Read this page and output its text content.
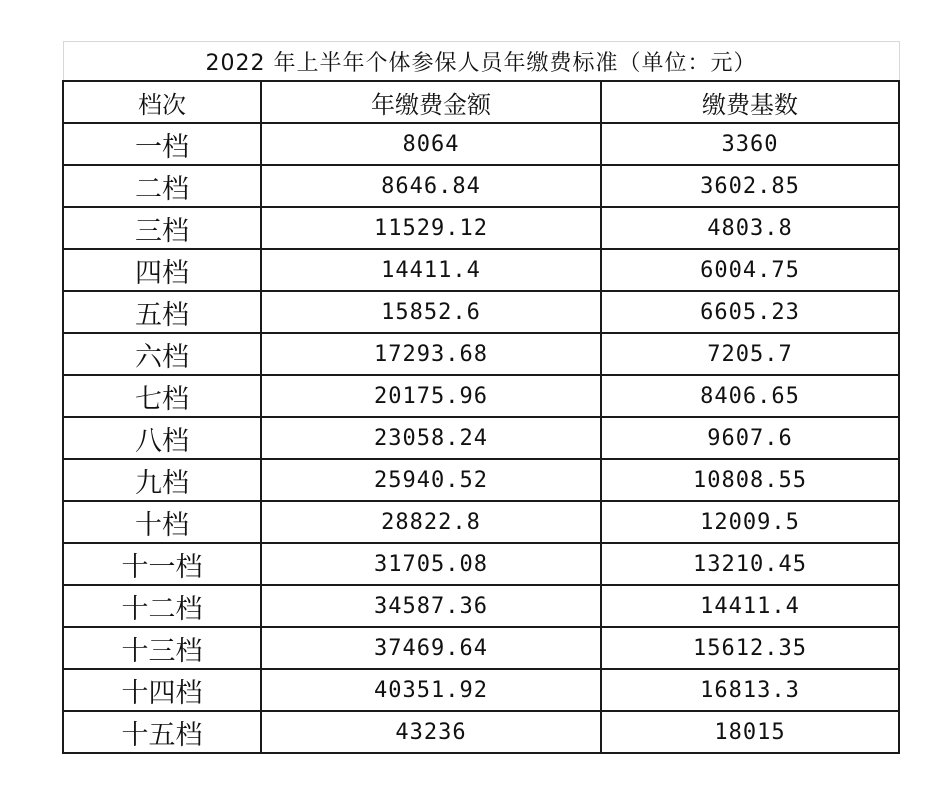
2022 年上半年个体参保人员年缴费标准（单位：元）		
档次	年缴费金额	缴费基数
一档	8064	3360
二档	8646.84	3602.85
三档	11529.12	4803.8
四档	14411.4	6004.75
五档	15852.6	6605.23
六档	17293.68	7205.7
七档	20175.96	8406.65
八档	23058.24	9607.6
九档	25940.52	10808.55
十档	28822.8	12009.5
十一档	31705.08	13210.45
十二档	34587.36	14411.4
十三档	37469.64	15612.35
十四档	40351.92	16813.3
十五档	43236	18015
